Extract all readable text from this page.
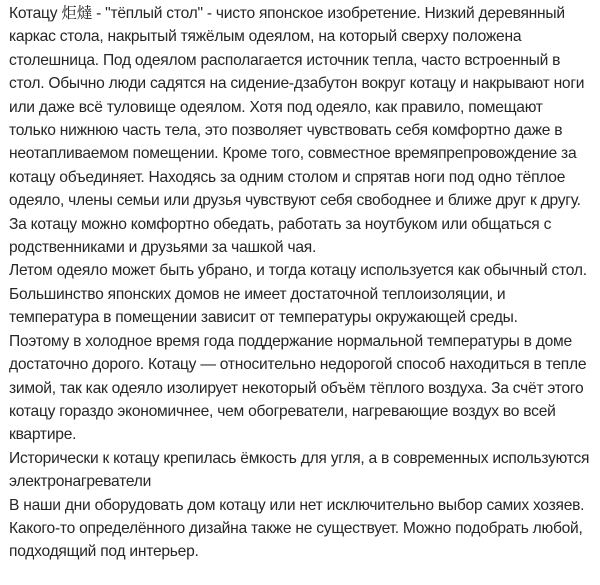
Котацу 炬燵 - "тёплый стол" - чисто японское изобретение. Низкий деревянный каркас стола, накрытый тяжёлым одеялом, на который сверху положена столешница. Под одеялом располагается источник тепла, часто встроенный в стол. Обычно люди садятся на сидение-дзабутон вокруг котацу и накрывают ноги или даже всё туловище одеялом. Хотя под одеяло, как правило, помещают только нижнюю часть тела, это позволяет чувствовать себя комфортно даже в неотапливаемом помещении. Кроме того, совместное времяпрепровождение за котацу объединяет. Находясь за одним столом и спрятав ноги под одно тёплое одеяло, члены семьи или друзья чувствуют себя свободнее и ближе друг к другу.

За котацу можно комфортно обедать, работать за ноутбуком или общаться с родственниками и друзьями за чашкой чая.

Летом одеяло может быть убрано, и тогда котацу используется как обычный стол.

Большинство японских домов не имеет достаточной теплоизоляции, и температура в помещении зависит от температуры окружающей среды.

Поэтому в холодное время года поддержание нормальной температуры в доме достаточно дорого. Котацу — относительно недорогой способ находиться в тепле зимой, так как одеяло изолирует некоторый объём тёплого воздуха. За счёт этого котацу гораздо экономичнее, чем обогреватели, нагревающие воздух во всей квартире.

Исторически к котацу крепилась ёмкость для угля, а в современных используются электронагреватели

В наши дни оборудовать дом котацу или нет исключительно выбор самих хозяев. Какого-то определённого дизайна также не существует. Можно подобрать любой, подходящий под интерьер.
